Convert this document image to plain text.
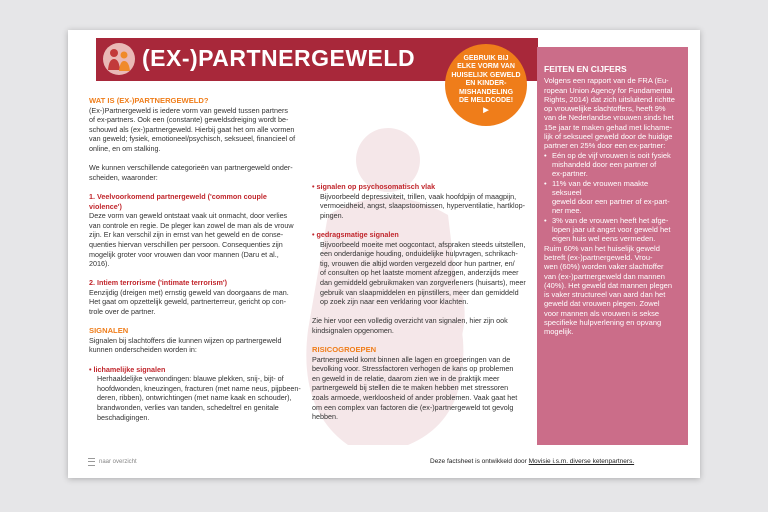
(EX-)PARTNERGEWELD
WAT IS (EX-)PARTNERGEWELD?
(Ex-)Partnergeweld is iedere vorm van geweld tussen partners
of ex-partners. Ook een (constante) geweldsdreiging wordt be-
schouwd als (ex-)partnergeweld. Hierbij gaat het om alle vormen
van geweld; fysiek, emotioneel/psychisch, seksueel, financieel of
online, en om stalking.
We kunnen verschillende categorieën van partnergeweld onder-
scheiden, waaronder:
1. Veelvoorkomend partnergeweld ('common couple violence')
Deze vorm van geweld ontstaat vaak uit onmacht, door verlies
van controle en regie. De pleger kan zowel de man als de vrouw
zijn. Er kan verschil zijn in ernst van het geweld en de conse-
quenties hiervan verschillen per persoon. Consequenties zijn
mogelijk groter voor vrouwen dan voor mannen (Daru et al.,
2016).
2. Intiem terrorisme ('intimate terrorism')
Eenzijdig (dreigen met) ernstig geweld van doorgaans de man.
Het gaat om opzettelijk geweld, partnerterreur, gericht op con-
trole over de partner.
SIGNALEN
Signalen bij slachtoffers die kunnen wijzen op partnergeweld
kunnen onderscheiden worden in:
• lichamelijke signalen
Herhaaldelijke verwondingen: blauwe plekken, snij-, bijt- of
hoofdwonden, kneuzingen, fracturen (met name neus, pijpbeen-
deren, ribben), ontwrichtingen (met name kaak en schouder),
brandwonden, verlies van tanden, schedeltrel en genitale
beschadigingen.
• signalen op psychosomatisch vlak
Bijvoorbeeld depressiviteit, trillen, vaak hoofdpijn of maagpijn,
vermoeidheid, angst, slaapstoornissen, hyperventilatie, hartklop-
pingen.
• gedragsmatige signalen
Bijvoorbeeld moeite met oogcontact, afspraken steeds uitstellen,
een onderdanige houding, onduidelijke hulpvragen, schrikach-
tig, vrouwen die altijd worden vergezeld door hun partner, en/
of consulten op het laatste moment afzeggen, anderzijds meer
dan gemiddeld gebruikmaken van zorgverleners (huisarts), meer
gebruik van slaapmiddelen en pijnstillers, meer dan gemiddeld
op zoek zijn naar een verklaring voor klachten.
Zie hier voor een volledig overzicht van signalen, hier zijn ook
kindsignalen opgenomen.
RISICOGROEPEN
Partnergeweld komt binnen alle lagen en groeperingen van de
bevolking voor. Stressfactoren verhogen de kans op problemen
en geweld in de relatie, daarom zien we in de praktijk meer
partnergeweld bij stellen die te maken hebben met stressoren
zoals armoede, werkloosheid of ander problemen. Vaak gaat het
om een complex van factoren die (ex-)partnergeweld tot gevolg
hebben.
FEITEN EN CIJFERS
Volgens een rapport van de FRA (Eu-
ropean Union Agency for Fundamental
Rights, 2014) dat zich uitsluitend richtte
op vrouwelijke slachtoffers, heeft 9%
van de Nederlandse vrouwen sinds het
15e jaar te maken gehad met lichame-
lijk of seksueel geweld door de huidige
partner en 25% door een ex-partner:
• Eén op de vijf vrouwen is ooit fysiek
mishandeld door een partner of
ex-partner.
• 11% van de vrouwen maakte seksueel
geweld door een partner of ex-part-
ner mee.
• 3% van de vrouwen heeft het afge-
lopen jaar uit angst voor geweld het
eigen huis wel eens vermeden.
Ruim 60% van het huiselijk geweld
betreft (ex-)partnergeweld. Vrou-
wen (60%) worden vaker slachtoffer
van (ex-)partnergeweld dan mannen
(40%). Het geweld dat mannen plegen
is vaker structureel van aard dan het
geweld dat vrouwen plegen. Zowel
voor mannen als vrouwen is sekse
specifieke hulpverlening en opvang
mogelijk.
GEBRUIK BIJ
ELKE VORM VAN
HUISELIJK GEWELD
EN KINDER-
MISHANDELING
DE MELDCODE!
▶
naar overzicht	Deze factsheet is ontwikkeld door Movisie i.s.m. diverse ketenpartners.
